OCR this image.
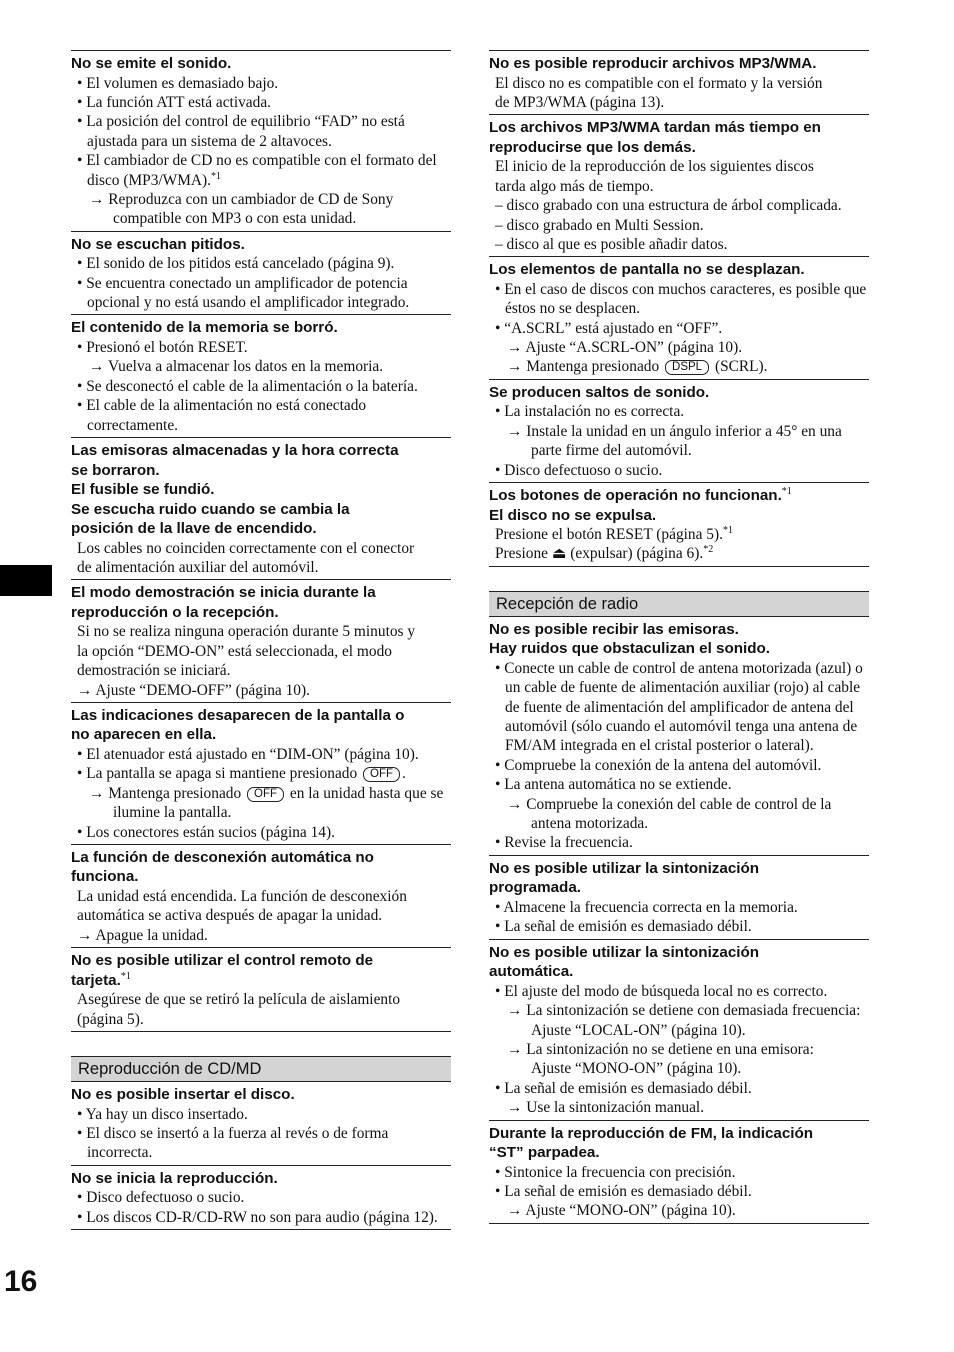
No se emite el sonido.
• El volumen es demasiado bajo.
• La función ATT está activada.
• La posición del control de equilibrio “FAD” no está ajustada para un sistema de 2 altavoces.
• El cambiador de CD no es compatible con el formato del disco (MP3/WMA).$^{*1}$
→ Reproduzca con un cambiador de CD de Sony compatible con MP3 o con esta unidad.
No se escuchan pitidos.
• El sonido de los pitidos está cancelado (página 9).
• Se encuentra conectado un amplificador de potencia opcional y no está usando el amplificador integrado.
El contenido de la memoria se borró.
• Presionó el botón RESET.
→ Vuelva a almacenar los datos en la memoria.
• Se desconectó el cable de la alimentación o la batería.
• El cable de la alimentación no está conectado correctamente.
Las emisoras almacenadas y la hora correcta
se borraron.
El fusible se fundió.
Se escucha ruido cuando se cambia la
posición de la llave de encendido.
Los cables no coinciden correctamente con el conector
de alimentación auxiliar del automóvil.
El modo demostración se inicia durante la
reproducción o la recepción.
Si no se realiza ninguna operación durante 5 minutos y
la opción “DEMO-ON” está seleccionada, el modo
demostración se iniciará.
→ Ajuste “DEMO-OFF” (página 10).
Las indicaciones desaparecen de la pantalla o
no aparecen en ella.
• El atenuador está ajustado en “DIM-ON” (página 10).
• La pantalla se apaga si mantiene presionado OFF .
→ Mantenga presionado OFF en la unidad hasta que se ilumine la pantalla.
• Los conectores están sucios (página 14).
La función de desconexión automática no
funciona.
La unidad está encendida. La función de desconexión
automática se activa después de apagar la unidad.
→ Apague la unidad.
No es posible utilizar el control remoto de
tarjeta.$^{*1}$
Asegúrese de que se retiró la película de aislamiento
(página 5).
Reproducción de CD/MD
No es posible insertar el disco.
• Ya hay un disco insertado.
• El disco se insertó a la fuerza al revés o de forma incorrecta.
No se inicia la reproducción.
• Disco defectuoso o sucio.
• Los discos CD-R/CD-RW no son para audio (página 12).
No es posible reproducir archivos MP3/WMA.
El disco no es compatible con el formato y la versión
de MP3/WMA (página 13).
Los archivos MP3/WMA tardan más tiempo en
reproducirse que los demás.
El inicio de la reproducción de los siguientes discos
tarda algo más de tiempo.
– disco grabado con una estructura de árbol complicada.
– disco grabado en Multi Session.
– disco al que es posible añadir datos.
Los elementos de pantalla no se desplazan.
• En el caso de discos con muchos caracteres, es posible que éstos no se desplacen.
• “A.SCRL” está ajustado en “OFF”.
→ Ajuste “A.SCRL-ON” (página 10).
→ Mantenga presionado DSPL (SCRL).
Se producen saltos de sonido.
• La instalación no es correcta.
→ Instale la unidad en un ángulo inferior a 45° en una parte firme del automóvil.
• Disco defectuoso o sucio.
Los botones de operación no funcionan.$^{*1}$
El disco no se expulsa.
Presione el botón RESET (página 5).$^{*1}$
Presione ⏏ (expulsar) (página 6).$^{*2}$
Recepción de radio
No es posible recibir las emisoras.
Hay ruidos que obstaculizan el sonido.
• Conecte un cable de control de antena motorizada (azul) o un cable de fuente de alimentación auxiliar (rojo) al cable de fuente de alimentación del amplificador de antena del automóvil (sólo cuando el automóvil tenga una antena de FM/AM integrada en el cristal posterior o lateral).
• Compruebe la conexión de la antena del automóvil.
• La antena automática no se extiende.
→ Compruebe la conexión del cable de control de la antena motorizada.
• Revise la frecuencia.
No es posible utilizar la sintonización
programada.
• Almacene la frecuencia correcta en la memoria.
• La señal de emisión es demasiado débil.
No es posible utilizar la sintonización
automática.
• El ajuste del modo de búsqueda local no es correcto.
→ La sintonización se detiene con demasiada frecuencia:
Ajuste “LOCAL-ON” (página 10).
→ La sintonización no se detiene en una emisora:
Ajuste “MONO-ON” (página 10).
• La señal de emisión es demasiado débil.
→ Use la sintonización manual.
Durante la reproducción de FM, la indicación
“ST” parpadea.
• Sintonice la frecuencia con precisión.
• La señal de emisión es demasiado débil.
→ Ajuste “MONO-ON” (página 10).
16
